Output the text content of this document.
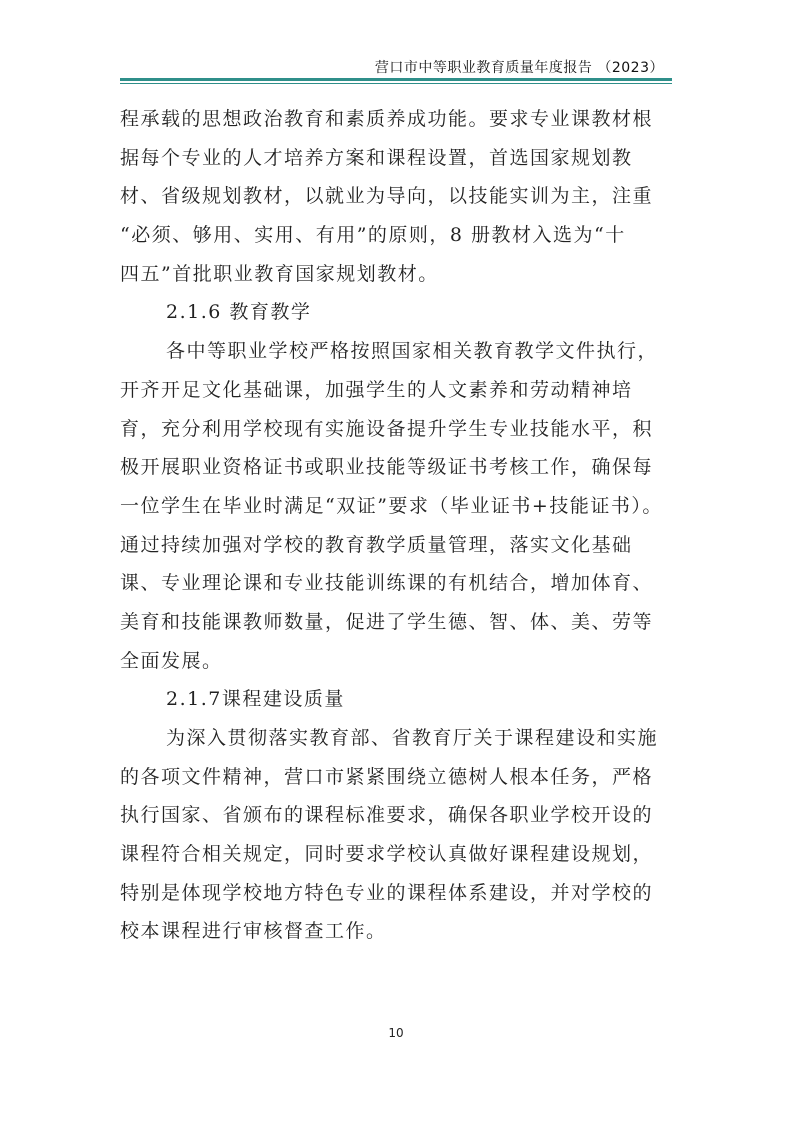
营口市中等职业教育质量年度报告 （2023）
程承载的思想政治教育和素质养成功能。要求专业课教材根
据每个专业的人才培养方案和课程设置，首选国家规划教
材、省级规划教材，以就业为导向，以技能实训为主，注重
“必须、够用、实用、有用”的原则，8 册教材入选为“十
四五”首批职业教育国家规划教材。
2.1.6 教育教学
各中等职业学校严格按照国家相关教育教学文件执行，
开齐开足文化基础课，加强学生的人文素养和劳动精神培
育，充分利用学校现有实施设备提升学生专业技能水平，积
极开展职业资格证书或职业技能等级证书考核工作，确保每
一位学生在毕业时满足“双证”要求（毕业证书+技能证书）。
通过持续加强对学校的教育教学质量管理，落实文化基础
课、专业理论课和专业技能训练课的有机结合，增加体育、
美育和技能课教师数量，促进了学生德、智、体、美、劳等
全面发展。
2.1.7课程建设质量
为深入贯彻落实教育部、省教育厅关于课程建设和实施
的各项文件精神，营口市紧紧围绕立德树人根本任务，严格
执行国家、省颁布的课程标准要求，确保各职业学校开设的
课程符合相关规定，同时要求学校认真做好课程建设规划，
特别是体现学校地方特色专业的课程体系建设，并对学校的
校本课程进行审核督查工作。
10
